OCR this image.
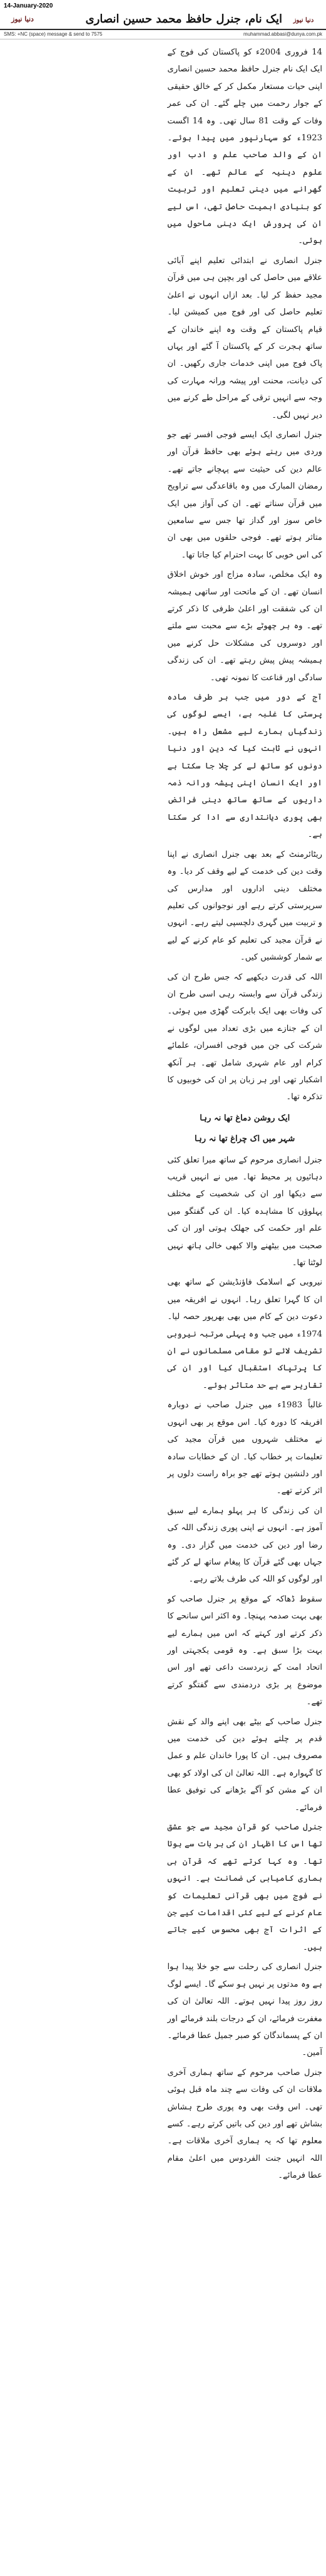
14-January-2020
دنیا نیوز	ایک نام، جنرل حافظ محمد حسین انصاری	دنیا نیوز
SMS: +NC (space) message & send to 7575	muhammad.abbasi@dunya.com.pk

14 فروری 2004ء کو پاکستان کی فوج کے ایک ایک نام جنرل حافظ محمد حسین انصاری اپنی حیات مستعار مکمل کر کے خالق حقیقی کے جوار رحمت میں چلے گئے۔ ان کی عمر وفات کے وقت 81 سال تھی۔ وہ 14 اگست 1923ء کو سہارنپور میں پیدا ہوئے۔ ان کے والد صاحب علم و ادب اور علوم دینیہ کے عالم تھے۔ ان کے گھرانے میں دینی تعلیم اور تربیت کو بنیادی اہمیت حاصل تھی، اس لیے ان کی پرورش ایک دینی ماحول میں ہوئی۔

جنرل انصاری نے ابتدائی تعلیم اپنے آبائی علاقے میں حاصل کی اور بچپن ہی میں قرآن مجید حفظ کر لیا۔ بعد ازاں انہوں نے اعلیٰ تعلیم حاصل کی اور فوج میں کمیشن لیا۔ قیام پاکستان کے وقت وہ اپنے خاندان کے ساتھ ہجرت کر کے پاکستان آ گئے اور یہاں پاک فوج میں اپنی خدمات جاری رکھیں۔ ان کی دیانت، محنت اور پیشہ ورانہ مہارت کی وجہ سے انہیں ترقی کے مراحل طے کرنے میں دیر نہیں لگی۔

جنرل انصاری ایک ایسے فوجی افسر تھے جو وردی میں رہتے ہوئے بھی حافظ قرآن اور عالم دین کی حیثیت سے پہچانے جاتے تھے۔ رمضان المبارک میں وہ باقاعدگی سے تراویح میں قرآن سناتے تھے۔ ان کی آواز میں ایک خاص سوز اور گداز تھا جس سے سامعین متاثر ہوتے تھے۔ فوجی حلقوں میں بھی ان کی اس خوبی کا بہت احترام کیا جاتا تھا۔

وہ ایک مخلص، سادہ مزاج اور خوش اخلاق انسان تھے۔ ان کے ماتحت اور ساتھی ہمیشہ ان کی شفقت اور اعلیٰ ظرفی کا ذکر کرتے تھے۔ وہ ہر چھوٹے بڑے سے محبت سے ملتے اور دوسروں کی مشکلات حل کرنے میں ہمیشہ پیش پیش رہتے تھے۔ ان کی زندگی سادگی اور قناعت کا نمونہ تھی۔

آج کے دور میں جب ہر طرف مادہ پرستی کا غلبہ ہے، ایسے لوگوں کی زندگیاں ہمارے لیے مشعل راہ ہیں۔ انہوں نے ثابت کیا کہ دین اور دنیا دونوں کو ساتھ لے کر چلا جا سکتا ہے اور ایک انسان اپنی پیشہ ورانہ ذمہ داریوں کے ساتھ ساتھ دینی فرائض بھی پوری دیانتداری سے ادا کر سکتا ہے۔

ریٹائرمنٹ کے بعد بھی جنرل انصاری نے اپنا وقت دین کی خدمت کے لیے وقف کر دیا۔ وہ مختلف دینی اداروں اور مدارس کی سرپرستی کرتے رہے اور نوجوانوں کی تعلیم و تربیت میں گہری دلچسپی لیتے رہے۔ انہوں نے قرآن مجید کی تعلیم کو عام کرنے کے لیے بے شمار کوششیں کیں۔

اللہ کی قدرت دیکھیے کہ جس طرح ان کی زندگی قرآن سے وابستہ رہی اسی طرح ان کی وفات بھی ایک بابرکت گھڑی میں ہوئی۔ ان کے جنازے میں بڑی تعداد میں لوگوں نے شرکت کی جن میں فوجی افسران، علمائے کرام اور عام شہری شامل تھے۔ ہر آنکھ اشکبار تھی اور ہر زبان پر ان کی خوبیوں کا تذکرہ تھا۔

ایک روشن دماغ تھا نہ رہا

شہر میں اک چراغ تھا نہ رہا

جنرل انصاری مرحوم کے ساتھ میرا تعلق کئی دہائیوں پر محیط تھا۔ میں نے انہیں قریب سے دیکھا اور ان کی شخصیت کے مختلف پہلوؤں کا مشاہدہ کیا۔ ان کی گفتگو میں علم اور حکمت کی جھلک ہوتی اور ان کی صحبت میں بیٹھنے والا کبھی خالی ہاتھ نہیں لوٹتا تھا۔

نیروبی کے اسلامک فاؤنڈیشن کے ساتھ بھی ان کا گہرا تعلق رہا۔ انہوں نے افریقہ میں دعوت دین کے کام میں بھی بھرپور حصہ لیا۔ 1974ء میں جب وہ پہلی مرتبہ نیروبی تشریف لائے تو مقامی مسلمانوں نے ان کا پرتپاک استقبال کیا اور ان کی تقاریر سے بے حد متاثر ہوئے۔

غالباً 1983ء میں جنرل صاحب نے دوبارہ افریقہ کا دورہ کیا۔ اس موقع پر بھی انہوں نے مختلف شہروں میں قرآن مجید کی تعلیمات پر خطاب کیا۔ ان کے خطابات سادہ اور دلنشین ہوتے تھے جو براہ راست دلوں پر اثر کرتے تھے۔

ان کی زندگی کا ہر پہلو ہمارے لیے سبق آموز ہے۔ انہوں نے اپنی پوری زندگی اللہ کی رضا اور دین کی خدمت میں گزار دی۔ وہ جہاں بھی گئے قرآن کا پیغام ساتھ لے کر گئے اور لوگوں کو اللہ کی طرف بلاتے رہے۔

سقوط ڈھاکہ کے موقع پر جنرل صاحب کو بھی بہت صدمہ پہنچا۔ وہ اکثر اس سانحے کا ذکر کرتے اور کہتے کہ اس میں ہمارے لیے بہت بڑا سبق ہے۔ وہ قومی یکجہتی اور اتحاد امت کے زبردست داعی تھے اور اس موضوع پر بڑی دردمندی سے گفتگو کرتے تھے۔

جنرل صاحب کے بیٹے بھی اپنے والد کے نقش قدم پر چلتے ہوئے دین کی خدمت میں مصروف ہیں۔ ان کا پورا خاندان علم و عمل کا گہوارہ ہے۔ اللہ تعالیٰ ان کی اولاد کو بھی ان کے مشن کو آگے بڑھانے کی توفیق عطا فرمائے۔

جنرل صاحب کو قرآن مجید سے جو عشق تھا اس کا اظہار ان کی ہر بات سے ہوتا تھا۔ وہ کہا کرتے تھے کہ قرآن ہی ہماری کامیابی کی ضمانت ہے۔ انہوں نے فوج میں بھی قرآنی تعلیمات کو عام کرنے کے لیے کئی اقدامات کیے جن کے اثرات آج بھی محسوس کیے جاتے ہیں۔

جنرل انصاری کی رحلت سے جو خلا پیدا ہوا ہے وہ مدتوں پر نہیں ہو سکے گا۔ ایسے لوگ روز روز پیدا نہیں ہوتے۔ اللہ تعالیٰ ان کی مغفرت فرمائے، ان کے درجات بلند فرمائے اور ان کے پسماندگان کو صبر جمیل عطا فرمائے۔ آمین۔

جنرل صاحب مرحوم کے ساتھ ہماری آخری ملاقات ان کی وفات سے چند ماہ قبل ہوئی تھی۔ اس وقت بھی وہ پوری طرح ہشاش بشاش تھے اور دین کی باتیں کرتے رہے۔ کسے معلوم تھا کہ یہ ہماری آخری ملاقات ہے۔ اللہ انہیں جنت الفردوس میں اعلیٰ مقام عطا فرمائے۔
